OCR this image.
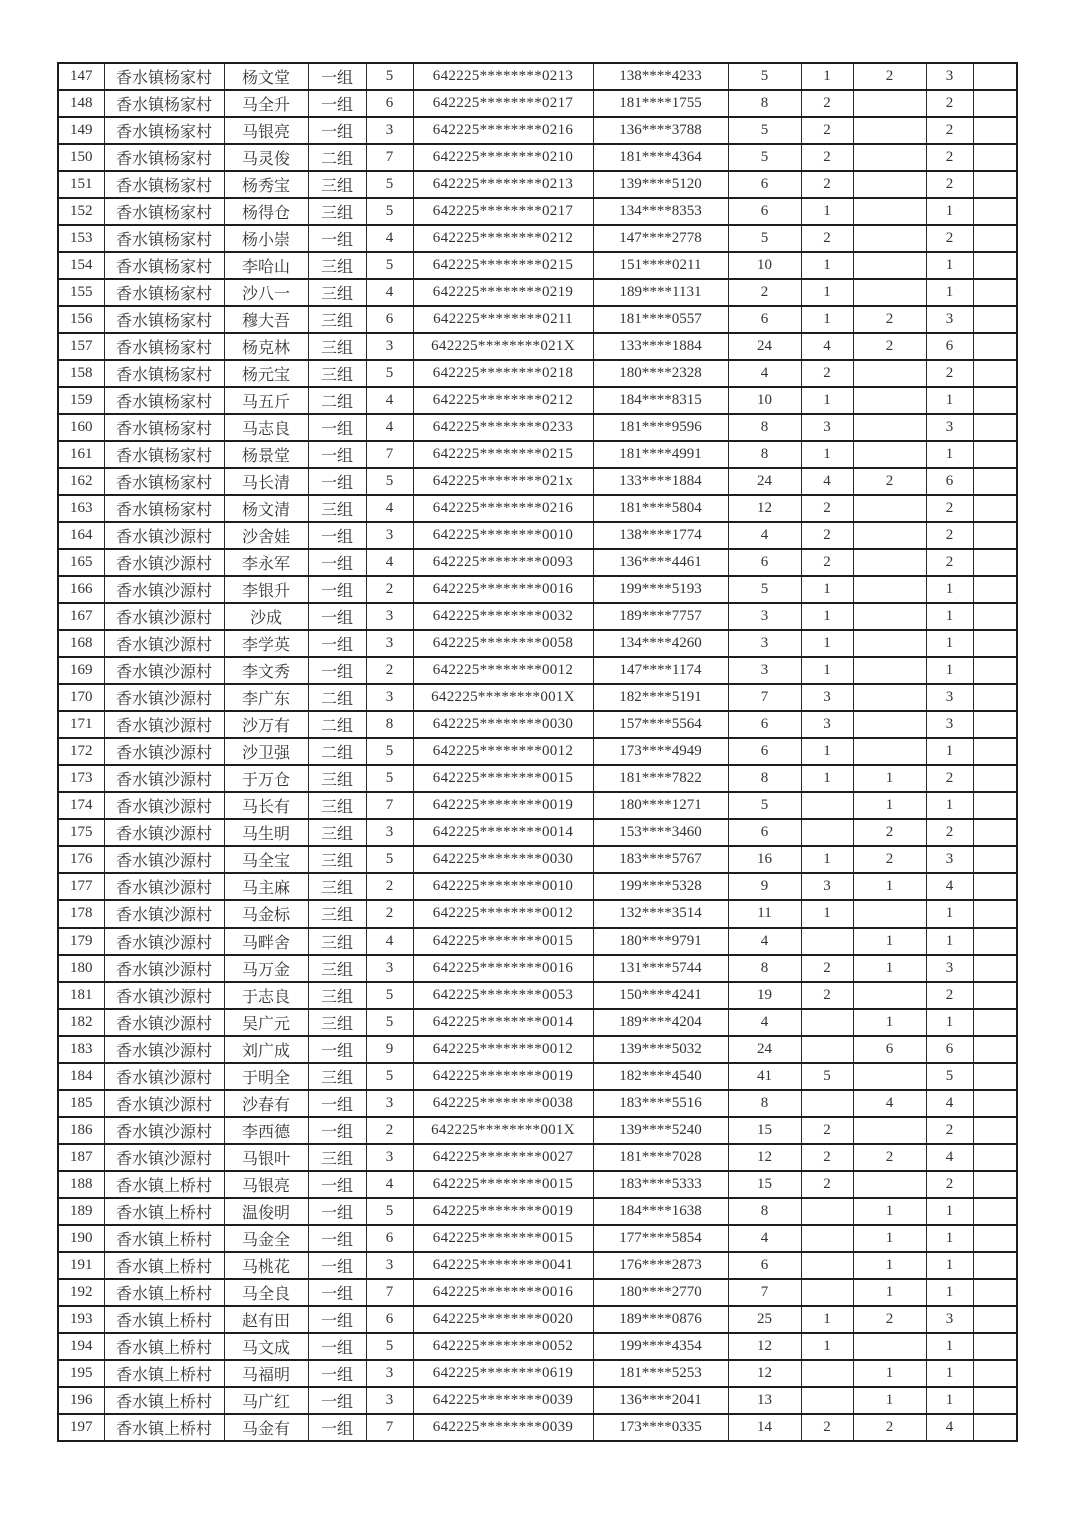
147	香水镇杨家村	杨文堂	一组	5	642225********0213	138****4233	5	1	2	3	
148	香水镇杨家村	马全升	一组	6	642225********0217	181****1755	8	2		2	
149	香水镇杨家村	马银亮	一组	3	642225********0216	136****3788	5	2		2	
150	香水镇杨家村	马灵俊	二组	7	642225********0210	181****4364	5	2		2	
151	香水镇杨家村	杨秀宝	三组	5	642225********0213	139****5120	6	2		2	
152	香水镇杨家村	杨得仓	三组	5	642225********0217	134****8353	6	1		1	
153	香水镇杨家村	杨小崇	一组	4	642225********0212	147****2778	5	2		2	
154	香水镇杨家村	李哈山	三组	5	642225********0215	151****0211	10	1		1	
155	香水镇杨家村	沙八一	三组	4	642225********0219	189****1131	2	1		1	
156	香水镇杨家村	穆大吾	三组	6	642225********0211	181****0557	6	1	2	3	
157	香水镇杨家村	杨克林	三组	3	642225********021X	133****1884	24	4	2	6	
158	香水镇杨家村	杨元宝	三组	5	642225********0218	180****2328	4	2		2	
159	香水镇杨家村	马五斤	二组	4	642225********0212	184****8315	10	1		1	
160	香水镇杨家村	马志良	一组	4	642225********0233	181****9596	8	3		3	
161	香水镇杨家村	杨景堂	一组	7	642225********0215	181****4991	8	1		1	
162	香水镇杨家村	马长清	一组	5	642225********021x	133****1884	24	4	2	6	
163	香水镇杨家村	杨文清	三组	4	642225********0216	181****5804	12	2		2	
164	香水镇沙源村	沙舍娃	一组	3	642225********0010	138****1774	4	2		2	
165	香水镇沙源村	李永军	一组	4	642225********0093	136****4461	6	2		2	
166	香水镇沙源村	李银升	一组	2	642225********0016	199****5193	5	1		1	
167	香水镇沙源村	沙成	一组	3	642225********0032	189****7757	3	1		1	
168	香水镇沙源村	李学英	一组	3	642225********0058	134****4260	3	1		1	
169	香水镇沙源村	李文秀	一组	2	642225********0012	147****1174	3	1		1	
170	香水镇沙源村	李广东	二组	3	642225********001X	182****5191	7	3		3	
171	香水镇沙源村	沙万有	二组	8	642225********0030	157****5564	6	3		3	
172	香水镇沙源村	沙卫强	二组	5	642225********0012	173****4949	6	1		1	
173	香水镇沙源村	于万仓	三组	5	642225********0015	181****7822	8	1	1	2	
174	香水镇沙源村	马长有	三组	7	642225********0019	180****1271	5		1	1	
175	香水镇沙源村	马生明	三组	3	642225********0014	153****3460	6		2	2	
176	香水镇沙源村	马全宝	三组	5	642225********0030	183****5767	16	1	2	3	
177	香水镇沙源村	马主麻	三组	2	642225********0010	199****5328	9	3	1	4	
178	香水镇沙源村	马金标	三组	2	642225********0012	132****3514	11	1		1	
179	香水镇沙源村	马畔舍	三组	4	642225********0015	180****9791	4		1	1	
180	香水镇沙源村	马万金	三组	3	642225********0016	131****5744	8	2	1	3	
181	香水镇沙源村	于志良	三组	5	642225********0053	150****4241	19	2		2	
182	香水镇沙源村	吴广元	三组	5	642225********0014	189****4204	4		1	1	
183	香水镇沙源村	刘广成	一组	9	642225********0012	139****5032	24		6	6	
184	香水镇沙源村	于明全	三组	5	642225********0019	182****4540	41	5		5	
185	香水镇沙源村	沙春有	一组	3	642225********0038	183****5516	8		4	4	
186	香水镇沙源村	李西德	一组	2	642225********001X	139****5240	15	2		2	
187	香水镇沙源村	马银叶	三组	3	642225********0027	181****7028	12	2	2	4	
188	香水镇上桥村	马银亮	一组	4	642225********0015	183****5333	15	2		2	
189	香水镇上桥村	温俊明	一组	5	642225********0019	184****1638	8		1	1	
190	香水镇上桥村	马金全	一组	6	642225********0015	177****5854	4		1	1	
191	香水镇上桥村	马桃花	一组	3	642225********0041	176****2873	6		1	1	
192	香水镇上桥村	马全良	一组	7	642225********0016	180****2770	7		1	1	
193	香水镇上桥村	赵有田	一组	6	642225********0020	189****0876	25	1	2	3	
194	香水镇上桥村	马文成	一组	5	642225********0052	199****4354	12	1		1	
195	香水镇上桥村	马福明	一组	3	642225********0619	181****5253	12		1	1	
196	香水镇上桥村	马广红	一组	3	642225********0039	136****2041	13		1	1	
197	香水镇上桥村	马金有	一组	7	642225********0039	173****0335	14	2	2	4	
